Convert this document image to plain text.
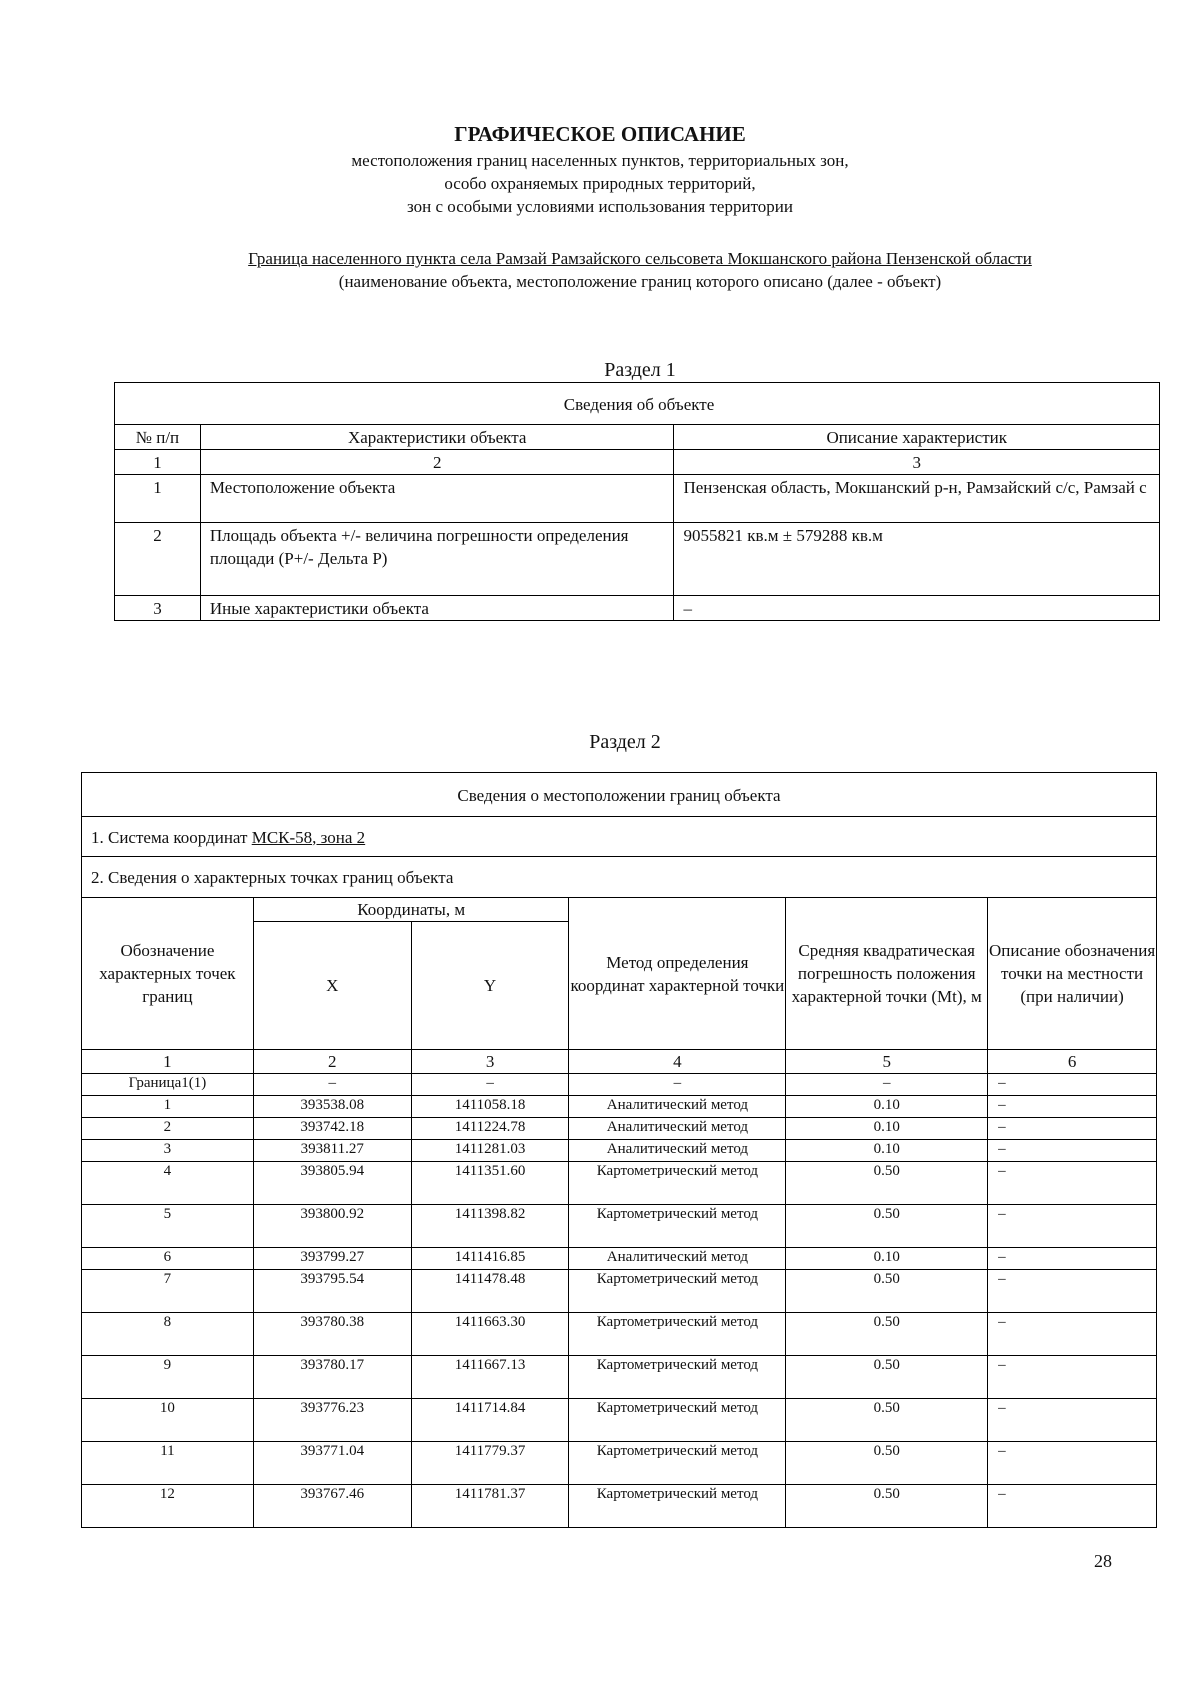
ГРАФИЧЕСКОЕ ОПИСАНИЕ
местоположения границ населенных пунктов, территориальных зон,
особо охраняемых природных территорий,
зон с особыми условиями использования территории
Граница населенного пункта села Рамзай Рамзайского сельсовета Мокшанского района Пензенской области
(наименование объекта, местоположение границ которого описано (далее - объект)
Раздел 1
Сведения об объекте		
№ п/п	Характеристики объекта	Описание характеристик
1	2	3
1	Местоположение объекта	Пензенская область, Мокшанский р-н, Рамзайский с/с, Рамзай с
2	Площадь объекта +/- величина погрешности определения площади (P+/- Дельта P)	9055821 кв.м ± 579288 кв.м
3	Иные характеристики объекта	–
Раздел 2
Сведения о местоположении границ объекта					
1. Система координат МСК-58, зона 2					
2. Сведения о характерных точках границ объекта					
Обозначение характерных точек границ	Координаты, м		Метод определения координат характерной точки	Средняя квадратическая погрешность положения характерной точки (Mt), м	Описание обозначения точки на местности (при наличии)
	X	Y			
1	2	3	4	5	6
Граница1(1)	–	–	–	–	–
1	393538.08	1411058.18	Аналитический метод	0.10	–
2	393742.18	1411224.78	Аналитический метод	0.10	–
3	393811.27	1411281.03	Аналитический метод	0.10	–
4	393805.94	1411351.60	Картометрический метод	0.50	–
5	393800.92	1411398.82	Картометрический метод	0.50	–
6	393799.27	1411416.85	Аналитический метод	0.10	–
7	393795.54	1411478.48	Картометрический метод	0.50	–
8	393780.38	1411663.30	Картометрический метод	0.50	–
9	393780.17	1411667.13	Картометрический метод	0.50	–
10	393776.23	1411714.84	Картометрический метод	0.50	–
11	393771.04	1411779.37	Картометрический метод	0.50	–
12	393767.46	1411781.37	Картометрический метод	0.50	–
28
